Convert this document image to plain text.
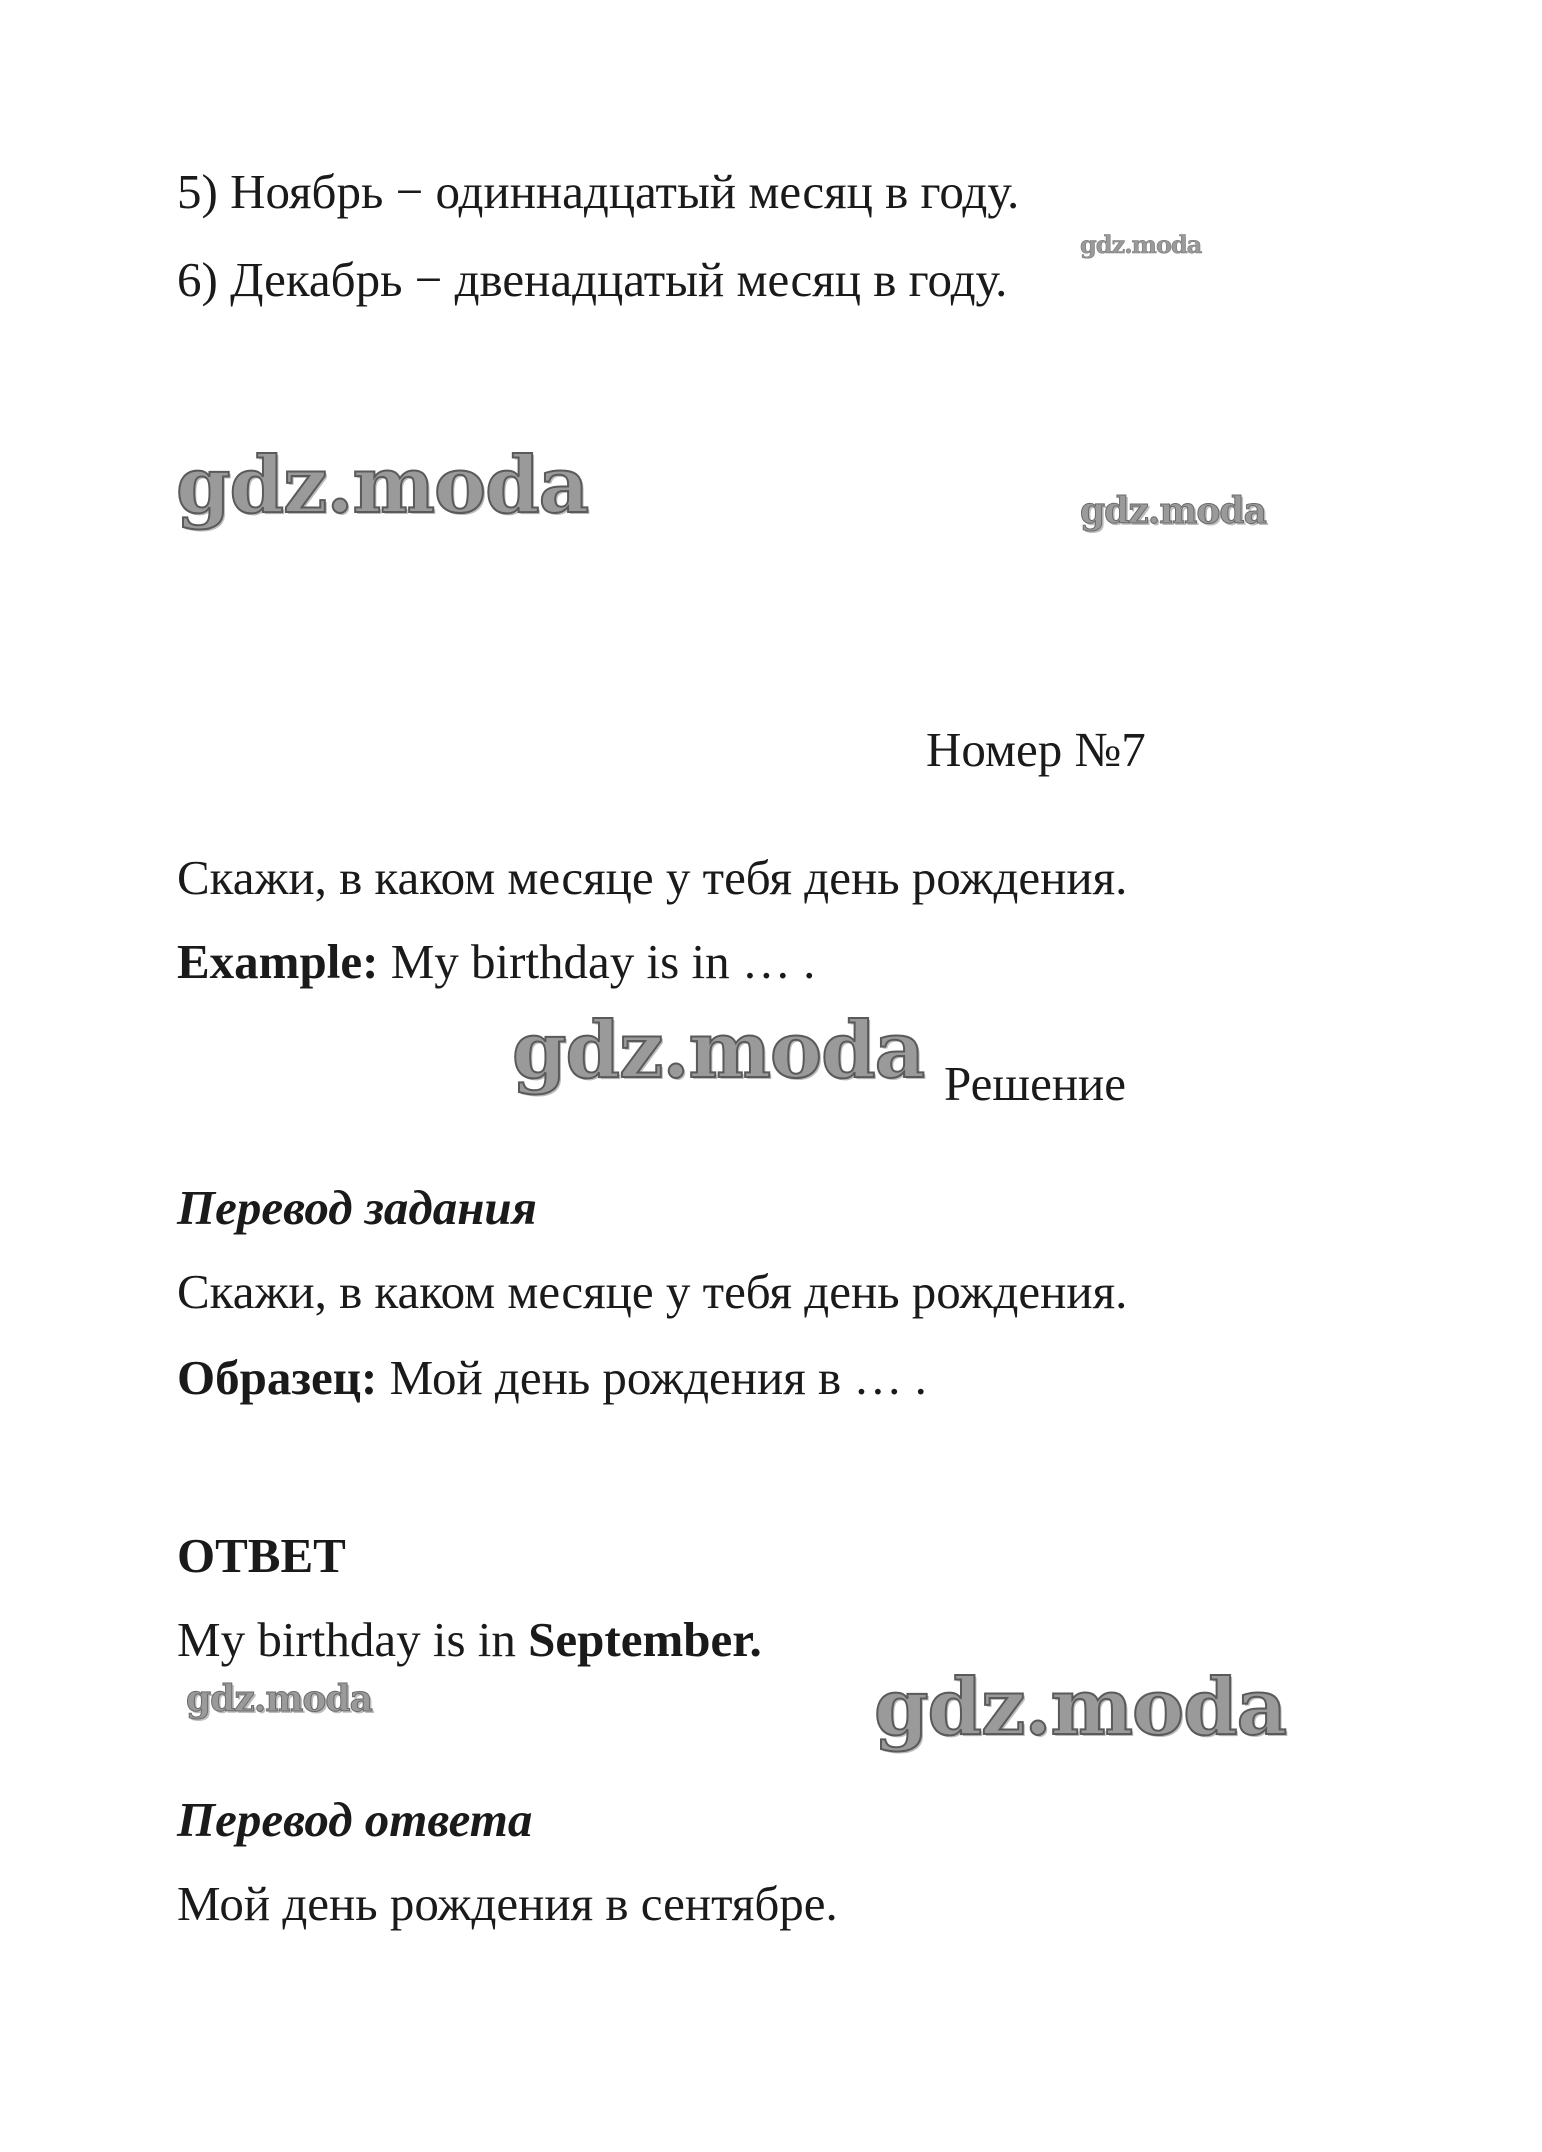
gdz.moda
gdz.moda	gdz.moda
gdz.moda
gdz.moda	gdz.moda
5) Ноябрь − одиннадцатый месяц в году.
6) Декабрь − двенадцатый месяц в году.
Номер №7
Скажи, в каком месяце у тебя день рождения.
Example: My birthday is in … .
Решение
Перевод задания
Скажи, в каком месяце у тебя день рождения.
Образец: Мой день рождения в … .
ОТВЕТ
My birthday is in September.
Перевод ответа
Мой день рождения в сентябре.
